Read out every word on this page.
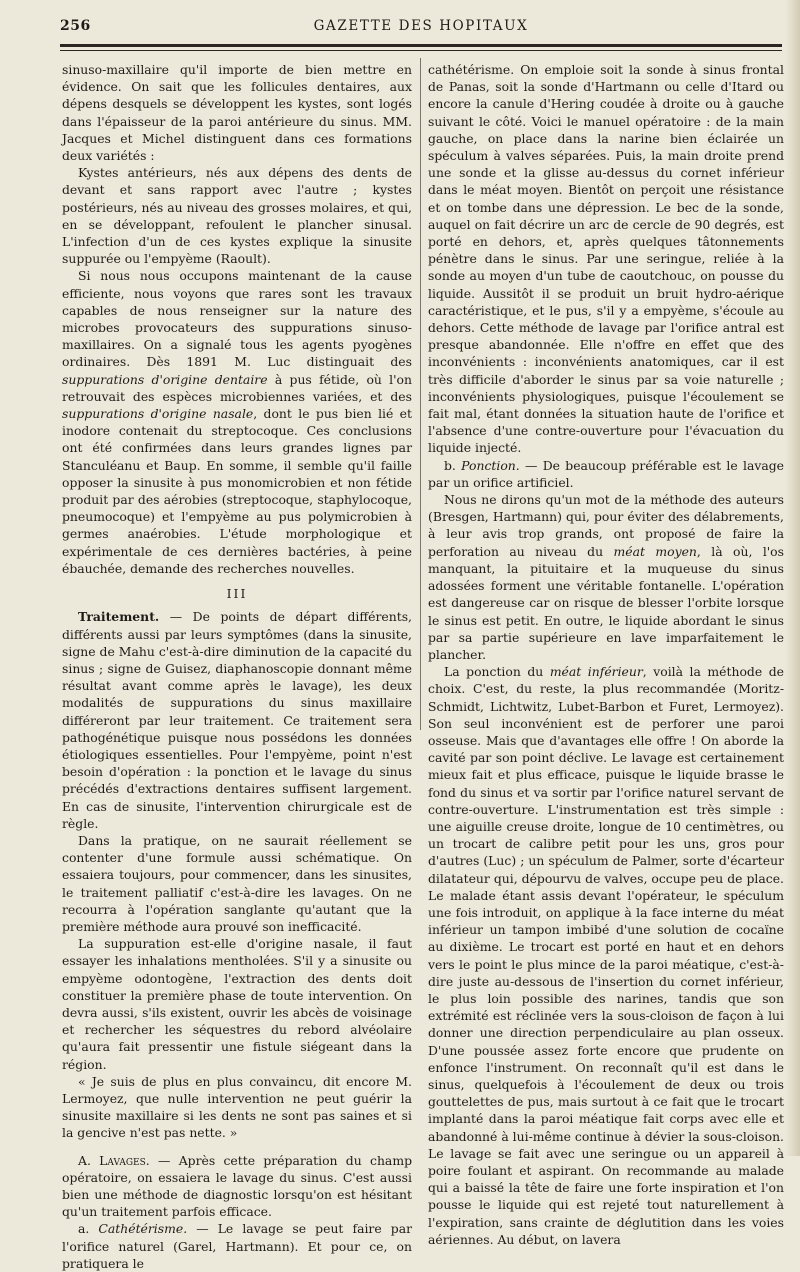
256	GAZETTE DES HOPITAUX

sinuso-maxillaire qu'il importe de bien mettre en évidence. On sait que les follicules dentaires, aux dépens desquels se développent les kystes, sont logés dans l'épaisseur de la paroi antérieure du sinus. MM. Jacques et Michel distinguent dans ces formations deux variétés :

Kystes antérieurs, nés aux dépens des dents de devant et sans rapport avec l'autre ; kystes postérieurs, nés au niveau des grosses molaires, et qui, en se développant, refoulent le plancher sinusal. L'infection d'un de ces kystes explique la sinusite suppurée ou l'empyème (Raoult).

Si nous nous occupons maintenant de la cause efficiente, nous voyons que rares sont les travaux capables de nous renseigner sur la nature des microbes provocateurs des suppurations sinuso-maxillaires. On a signalé tous les agents pyogènes ordinaires. Dès 1891 M. Luc distinguait des suppurations d'origine dentaire à pus fétide, où l'on retrouvait des espèces microbiennes variées, et des suppurations d'origine nasale, dont le pus bien lié et inodore contenait du streptocoque. Ces conclusions ont été confirmées dans leurs grandes lignes par Stanculéanu et Baup. En somme, il semble qu'il faille opposer la sinusite à pus monomicrobien et non fétide produit par des aérobies (streptocoque, staphylocoque, pneumocoque) et l'empyème au pus polymicrobien à germes anaérobies. L'étude morphologique et expérimentale de ces dernières bactéries, à peine ébauchée, demande des recherches nouvelles.

III

Traitement. — De points de départ différents, différents aussi par leurs symptômes (dans la sinusite, signe de Mahu c'est-à-dire diminution de la capacité du sinus ; signe de Guisez, diaphanoscopie donnant même résultat avant comme après le lavage), les deux modalités de suppurations du sinus maxillaire différeront par leur traitement. Ce traitement sera pathogénétique puisque nous possédons les données étiologiques essentielles. Pour l'empyème, point n'est besoin d'opération : la ponction et le lavage du sinus précédés d'extractions dentaires suffisent largement. En cas de sinusite, l'intervention chirurgicale est de règle.

Dans la pratique, on ne saurait réellement se contenter d'une formule aussi schématique. On essaiera toujours, pour commencer, dans les sinusites, le traitement palliatif c'est-à-dire les lavages. On ne recourra à l'opération sanglante qu'autant que la première méthode aura prouvé son inefficacité.

La suppuration est-elle d'origine nasale, il faut essayer les inhalations mentholées. S'il y a sinusite ou empyème odontogène, l'extraction des dents doit constituer la première phase de toute intervention. On devra aussi, s'ils existent, ouvrir les abcès de voisinage et rechercher les séquestres du rebord alvéolaire qu'aura fait pressentir une fistule siégeant dans la région.

« Je suis de plus en plus convaincu, dit encore M. Lermoyez, que nulle intervention ne peut guérir la sinusite maxillaire si les dents ne sont pas saines et si la gencive n'est pas nette. »

A. Lavages. — Après cette préparation du champ opératoire, on essaiera le lavage du sinus. C'est aussi bien une méthode de diagnostic lorsqu'on est hésitant qu'un traitement parfois efficace.

a. Cathétérisme. — Le lavage se peut faire par l'orifice naturel (Garel, Hartmann). Et pour ce, on pratiquera le

cathétérisme. On emploie soit la sonde à sinus frontal de Panas, soit la sonde d'Hartmann ou celle d'Itard ou encore la canule d'Hering coudée à droite ou à gauche suivant le côté. Voici le manuel opératoire : de la main gauche, on place dans la narine bien éclairée un spéculum à valves séparées. Puis, la main droite prend une sonde et la glisse au-dessus du cornet inférieur dans le méat moyen. Bientôt on perçoit une résistance et on tombe dans une dépression. Le bec de la sonde, auquel on fait décrire un arc de cercle de 90 degrés, est porté en dehors, et, après quelques tâtonnements pénètre dans le sinus. Par une seringue, reliée à la sonde au moyen d'un tube de caoutchouc, on pousse du liquide. Aussitôt il se produit un bruit hydro-aérique caractéristique, et le pus, s'il y a empyème, s'écoule au dehors. Cette méthode de lavage par l'orifice antral est presque abandonnée. Elle n'offre en effet que des inconvénients : inconvénients anatomiques, car il est très difficile d'aborder le sinus par sa voie naturelle ; inconvénients physiologiques, puisque l'écoulement se fait mal, étant données la situation haute de l'orifice et l'absence d'une contre-ouverture pour l'évacuation du liquide injecté.

b. Ponction. — De beaucoup préférable est le lavage par un orifice artificiel.

Nous ne dirons qu'un mot de la méthode des auteurs (Bresgen, Hartmann) qui, pour éviter des délabrements, à leur avis trop grands, ont proposé de faire la perforation au niveau du méat moyen, là où, l'os manquant, la pituitaire et la muqueuse du sinus adossées forment une véritable fontanelle. L'opération est dangereuse car on risque de blesser l'orbite lorsque le sinus est petit. En outre, le liquide abordant le sinus par sa partie supérieure en lave imparfaitement le plancher.

La ponction du méat inférieur, voilà la méthode de choix. C'est, du reste, la plus recommandée (Moritz-Schmidt, Lichtwitz, Lubet-Barbon et Furet, Lermoyez). Son seul inconvénient est de perforer une paroi osseuse. Mais que d'avantages elle offre ! On aborde la cavité par son point déclive. Le lavage est certainement mieux fait et plus efficace, puisque le liquide brasse le fond du sinus et va sortir par l'orifice naturel servant de contre-ouverture. L'instrumentation est très simple : une aiguille creuse droite, longue de 10 centimètres, ou un trocart de calibre petit pour les uns, gros pour d'autres (Luc) ; un spéculum de Palmer, sorte d'écarteur dilatateur qui, dépourvu de valves, occupe peu de place. Le malade étant assis devant l'opérateur, le spéculum une fois introduit, on applique à la face interne du méat inférieur un tampon imbibé d'une solution de cocaïne au dixième. Le trocart est porté en haut et en dehors vers le point le plus mince de la paroi méatique, c'est-à-dire juste au-dessous de l'insertion du cornet inférieur, le plus loin possible des narines, tandis que son extrémité est réclinée vers la sous-cloison de façon à lui donner une direction perpendiculaire au plan osseux. D'une poussée assez forte encore que prudente on enfonce l'instrument. On reconnaît qu'il est dans le sinus, quelquefois à l'écoulement de deux ou trois gouttelettes de pus, mais surtout à ce fait que le trocart implanté dans la paroi méatique fait corps avec elle et abandonné à lui-même continue à dévier la sous-cloison. Le lavage se fait avec une seringue ou un appareil à poire foulant et aspirant. On recommande au malade qui a baissé la tête de faire une forte inspiration et l'on pousse le liquide qui est rejeté tout naturellement à l'expiration, sans crainte de déglutition dans les voies aériennes. Au début, on lavera
